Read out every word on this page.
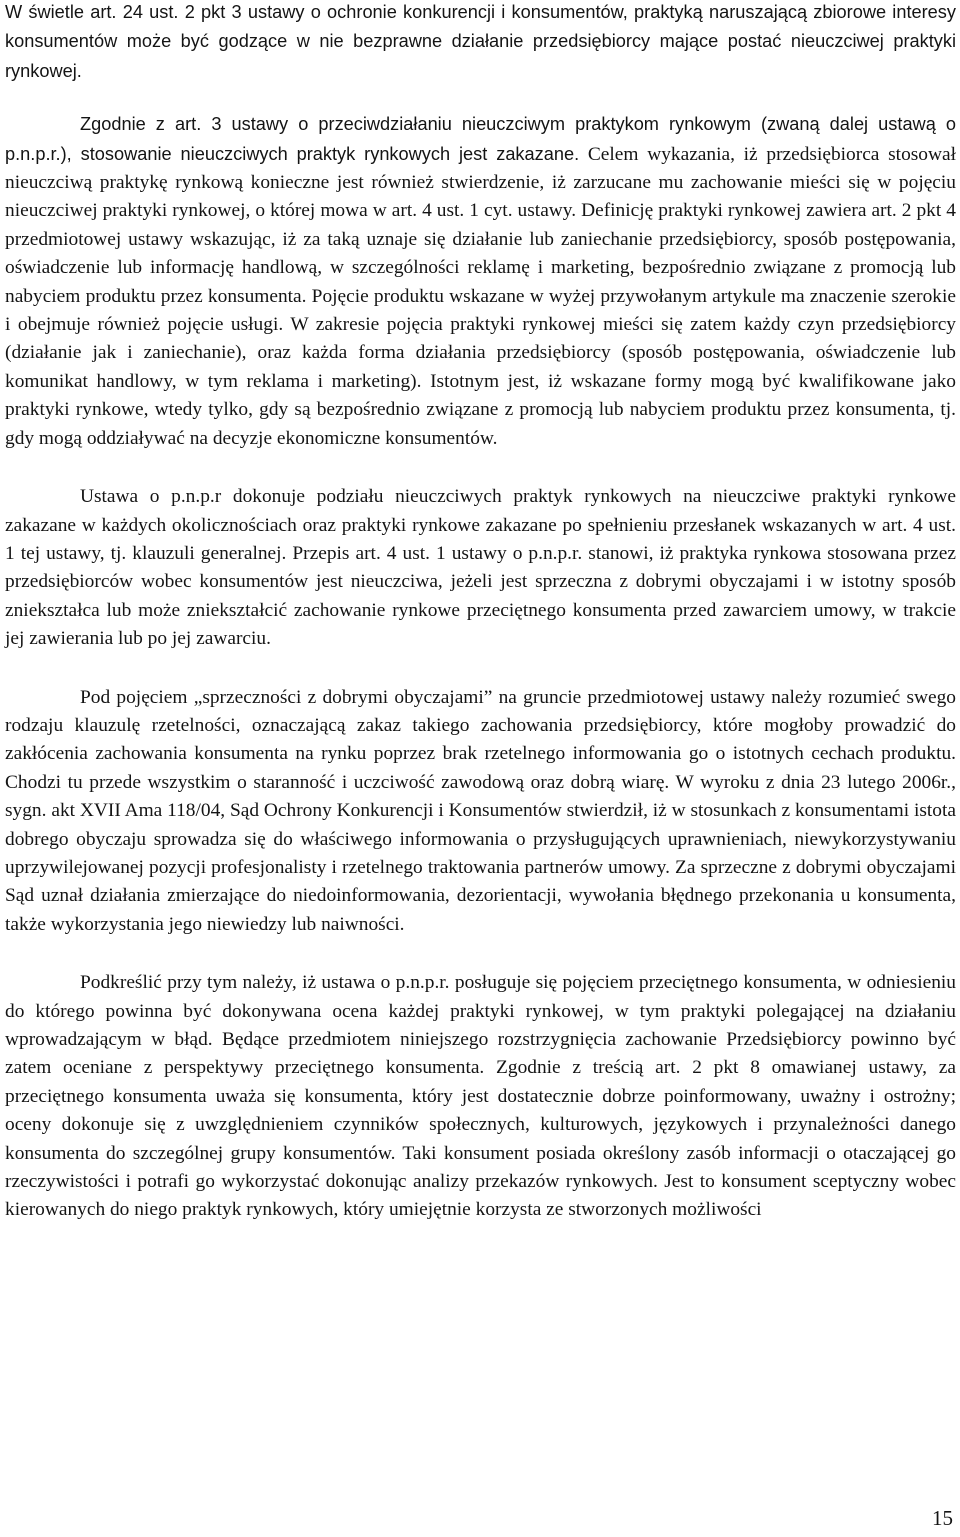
W świetle art. 24 ust. 2 pkt 3 ustawy o ochronie konkurencji i konsumentów, praktyką naruszającą zbiorowe interesy konsumentów może być godzące w nie bezprawne działanie przedsiębiorcy mające postać nieuczciwej praktyki rynkowej.

Zgodnie z art. 3 ustawy o przeciwdziałaniu nieuczciwym praktykom rynkowym (zwaną dalej ustawą o p.n.p.r.), stosowanie nieuczciwych praktyk rynkowych jest zakazane. Celem wykazania, iż przedsiębiorca stosował nieuczciwą praktykę rynkową konieczne jest również stwierdzenie, iż zarzucane mu zachowanie mieści się w pojęciu nieuczciwej praktyki rynkowej, o której mowa w art. 4 ust. 1 cyt. ustawy. Definicję praktyki rynkowej zawiera art. 2 pkt 4 przedmiotowej ustawy wskazując, iż za taką uznaje się działanie lub zaniechanie przedsiębiorcy, sposób postępowania, oświadczenie lub informację handlową, w szczególności reklamę i marketing, bezpośrednio związane z promocją lub nabyciem produktu przez konsumenta. Pojęcie produktu wskazane w wyżej przywołanym artykule ma znaczenie szerokie i obejmuje również pojęcie usługi. W zakresie pojęcia praktyki rynkowej mieści się zatem każdy czyn przedsiębiorcy (działanie jak i zaniechanie), oraz każda forma działania przedsiębiorcy (sposób postępowania, oświadczenie lub komunikat handlowy, w tym reklama i marketing). Istotnym jest, iż wskazane formy mogą być kwalifikowane jako praktyki rynkowe, wtedy tylko, gdy są bezpośrednio związane z promocją lub nabyciem produktu przez konsumenta, tj. gdy mogą oddziaływać na decyzje ekonomiczne konsumentów.

Ustawa o p.n.p.r dokonuje podziału nieuczciwych praktyk rynkowych na nieuczciwe praktyki rynkowe zakazane w każdych okolicznościach oraz praktyki rynkowe zakazane po spełnieniu przesłanek wskazanych w art. 4 ust. 1 tej ustawy, tj. klauzuli generalnej. Przepis art. 4 ust. 1 ustawy o p.n.p.r. stanowi, iż praktyka rynkowa stosowana przez przedsiębiorców wobec konsumentów jest nieuczciwa, jeżeli jest sprzeczna z dobrymi obyczajami i w istotny sposób zniekształca lub może zniekształcić zachowanie rynkowe przeciętnego konsumenta przed zawarciem umowy, w trakcie jej zawierania lub po jej zawarciu.

Pod pojęciem „sprzeczności z dobrymi obyczajami” na gruncie przedmiotowej ustawy należy rozumieć swego rodzaju klauzulę rzetelności, oznaczającą zakaz takiego zachowania przedsiębiorcy, które mogłoby prowadzić do zakłócenia zachowania konsumenta na rynku poprzez brak rzetelnego informowania go o istotnych cechach produktu. Chodzi tu przede wszystkim o staranność i uczciwość zawodową oraz dobrą wiarę. W wyroku z dnia 23 lutego 2006r., sygn. akt XVII Ama 118/04, Sąd Ochrony Konkurencji i Konsumentów stwierdził, iż w stosunkach z konsumentami istota dobrego obyczaju sprowadza się do właściwego informowania o przysługujących uprawnieniach, niewykorzystywaniu uprzywilejowanej pozycji profesjonalisty i rzetelnego traktowania partnerów umowy. Za sprzeczne z dobrymi obyczajami Sąd uznał działania zmierzające do niedoinformowania, dezorientacji, wywołania błędnego przekonania u konsumenta, także wykorzystania jego niewiedzy lub naiwności.

Podkreślić przy tym należy, iż ustawa o p.n.p.r. posługuje się pojęciem przeciętnego konsumenta, w odniesieniu do którego powinna być dokonywana ocena każdej praktyki rynkowej, w tym praktyki polegającej na działaniu wprowadzającym w błąd. Będące przedmiotem niniejszego rozstrzygnięcia zachowanie Przedsiębiorcy powinno być zatem oceniane z perspektywy przeciętnego konsumenta. Zgodnie z treścią art. 2 pkt 8 omawianej ustawy, za przeciętnego konsumenta uważa się konsumenta, który jest dostatecznie dobrze poinformowany, uważny i ostrożny; oceny dokonuje się z uwzględnieniem czynników społecznych, kulturowych, językowych i przynależności danego konsumenta do szczególnej grupy konsumentów. Taki konsument posiada określony zasób informacji o otaczającej go rzeczywistości i potrafi go wykorzystać dokonując analizy przekazów rynkowych. Jest to konsument sceptyczny wobec kierowanych do niego praktyk rynkowych, który umiejętnie korzysta ze stworzonych możliwości

15
